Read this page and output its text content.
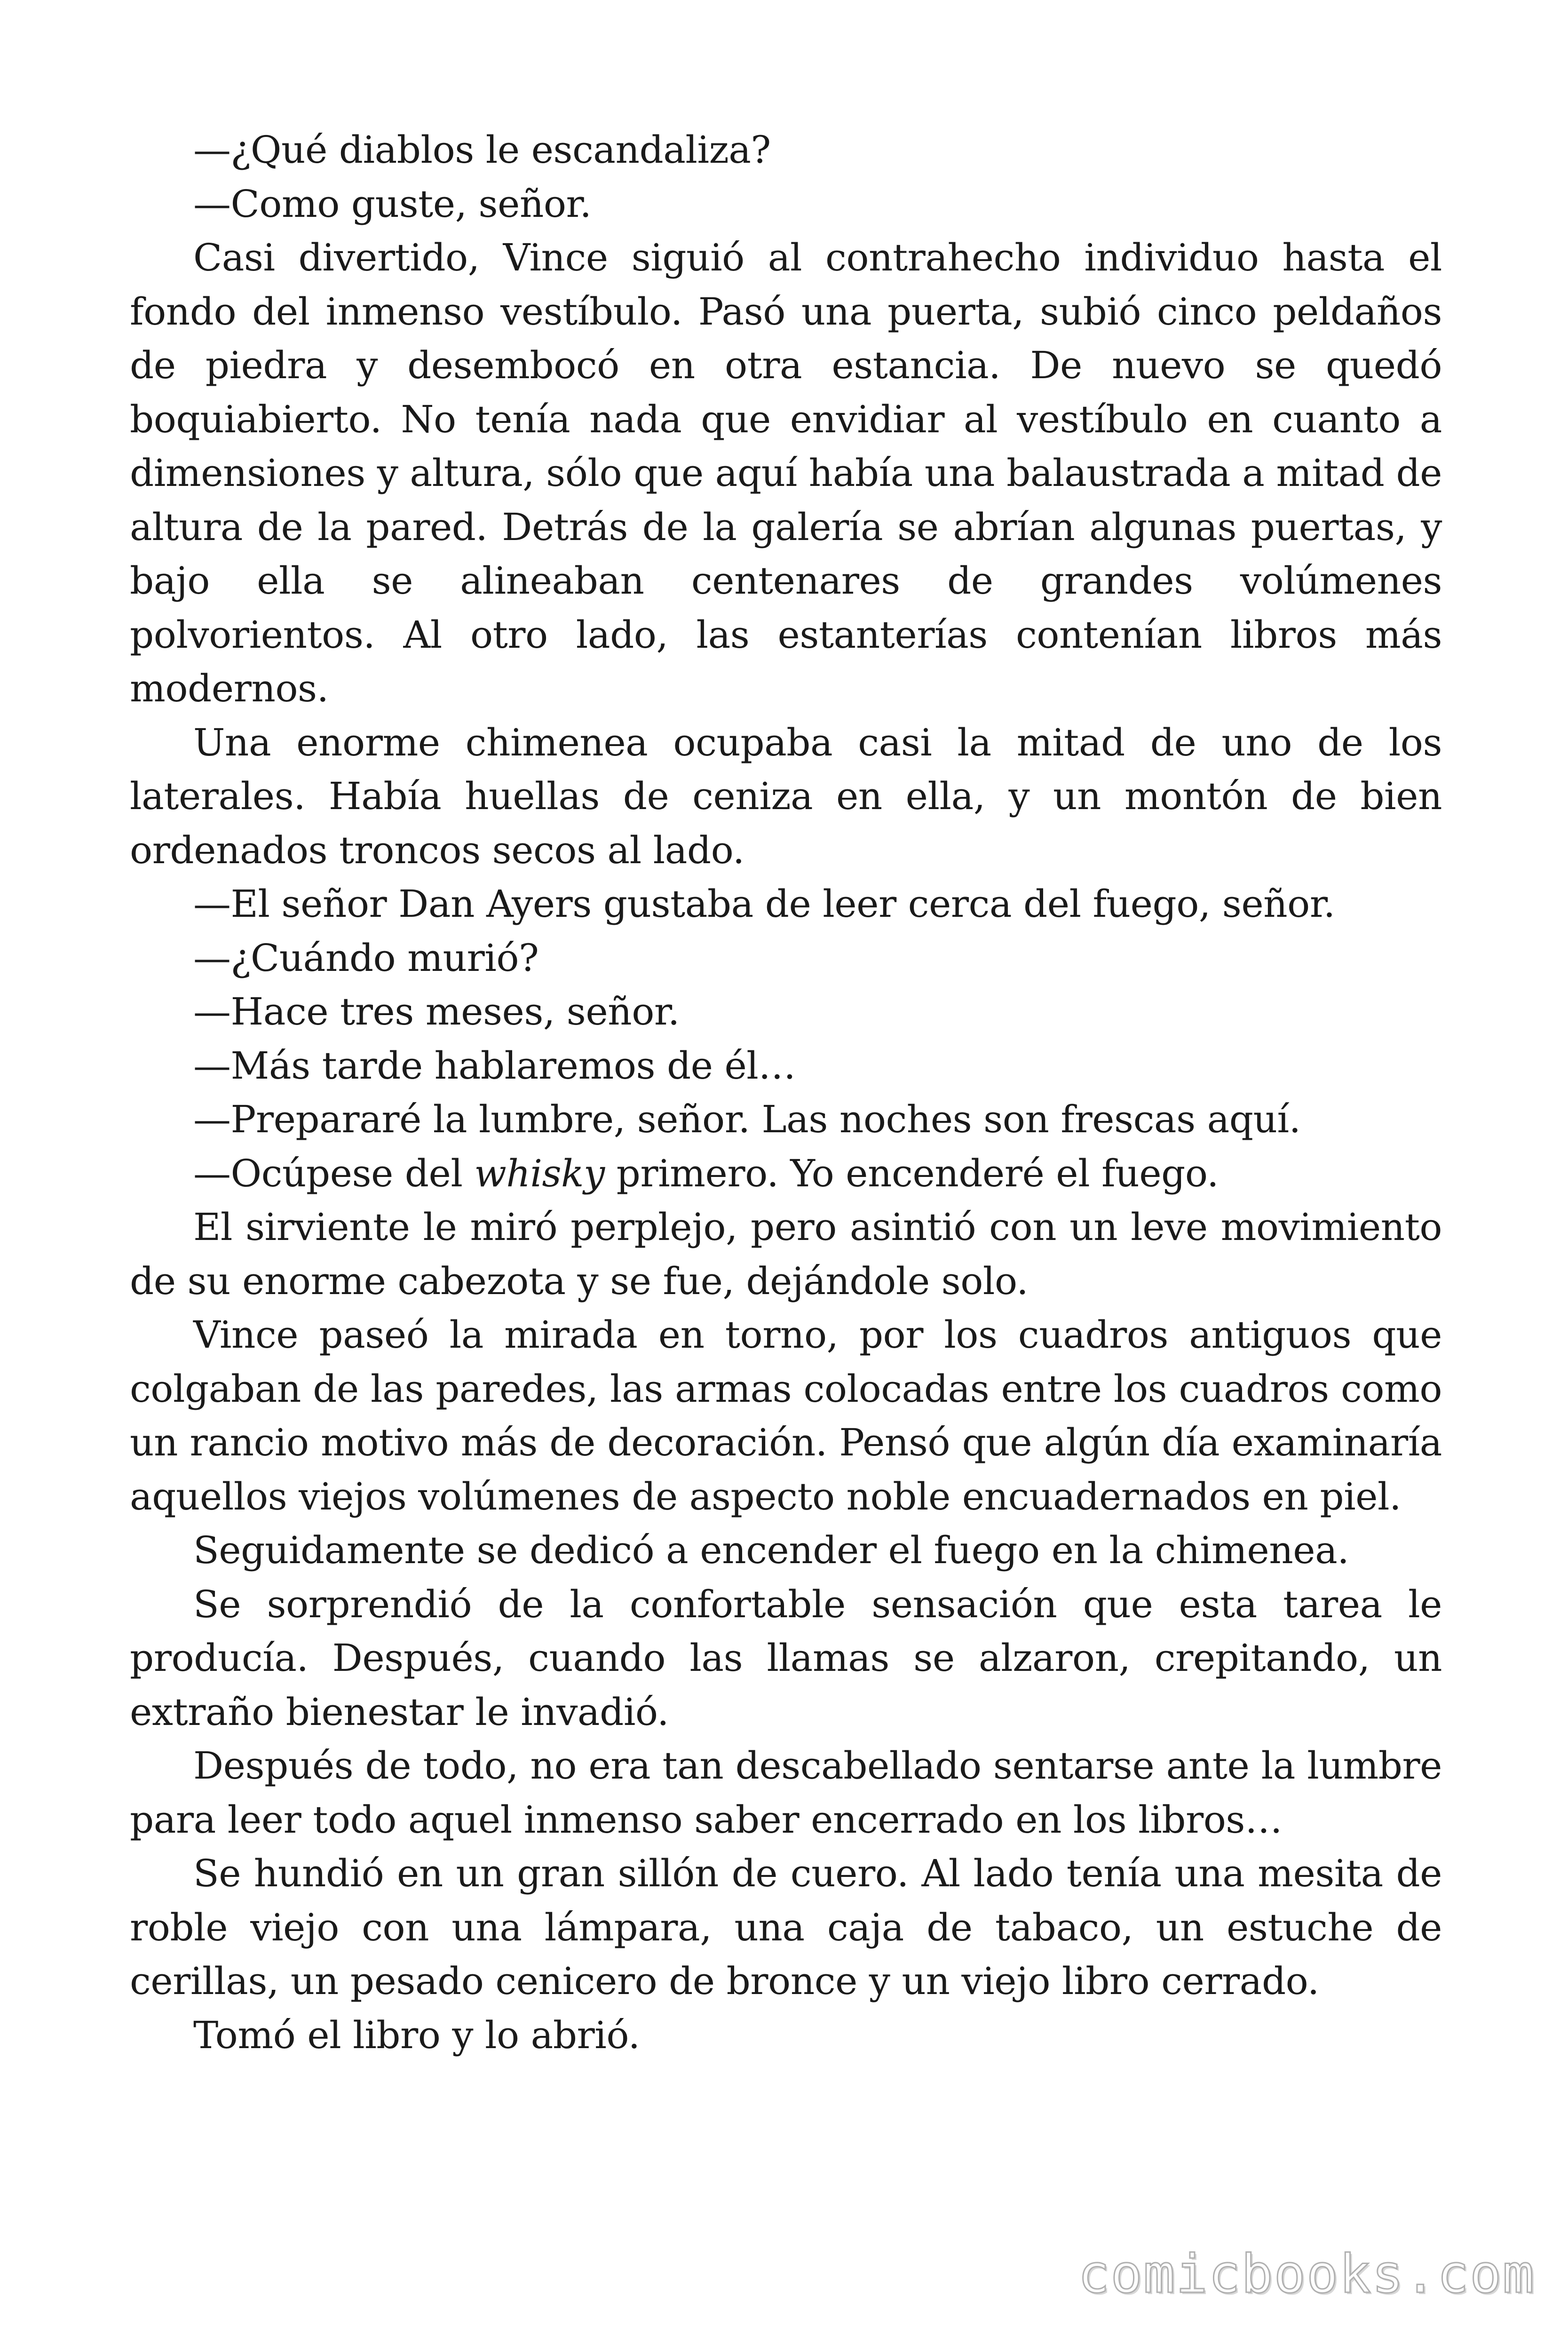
—¿Qué diablos le escandaliza?

—Como guste, señor.

Casi divertido, Vince siguió al contrahecho individuo hasta el fondo del inmenso vestíbulo. Pasó una puerta, subió cinco peldaños de piedra y desembocó en otra estancia. De nuevo se quedó boquiabierto. No tenía nada que envidiar al vestíbulo en cuanto a dimensiones y altura, sólo que aquí había una balaustrada a mitad de altura de la pared. Detrás de la galería se abrían algunas puertas, y bajo ella se alineaban centenares de grandes volúmenes polvorientos. Al otro lado, las estanterías contenían libros más modernos.

Una enorme chimenea ocupaba casi la mitad de uno de los laterales. Había huellas de ceniza en ella, y un montón de bien ordenados troncos secos al lado.

—El señor Dan Ayers gustaba de leer cerca del fuego, señor.

—¿Cuándo murió?

—Hace tres meses, señor.

—Más tarde hablaremos de él…

—Prepararé la lumbre, señor. Las noches son frescas aquí.

—Ocúpese del whisky primero. Yo encenderé el fuego.

El sirviente le miró perplejo, pero asintió con un leve movimiento de su enorme cabezota y se fue, dejándole solo.

Vince paseó la mirada en torno, por los cuadros antiguos que colgaban de las paredes, las armas colocadas entre los cuadros como un rancio motivo más de decoración. Pensó que algún día examinaría aquellos viejos volúmenes de aspecto noble encuadernados en piel.

Seguidamente se dedicó a encender el fuego en la chimenea.

Se sorprendió de la confortable sensación que esta tarea le producía. Después, cuando las llamas se alzaron, crepitando, un extraño bienestar le invadió.

Después de todo, no era tan descabellado sentarse ante la lumbre para leer todo aquel inmenso saber encerrado en los libros…

Se hundió en un gran sillón de cuero. Al lado tenía una mesita de roble viejo con una lámpara, una caja de tabaco, un estuche de cerillas, un pesado cenicero de bronce y un viejo libro cerrado.

Tomó el libro y lo abrió.

comicbooks.com
